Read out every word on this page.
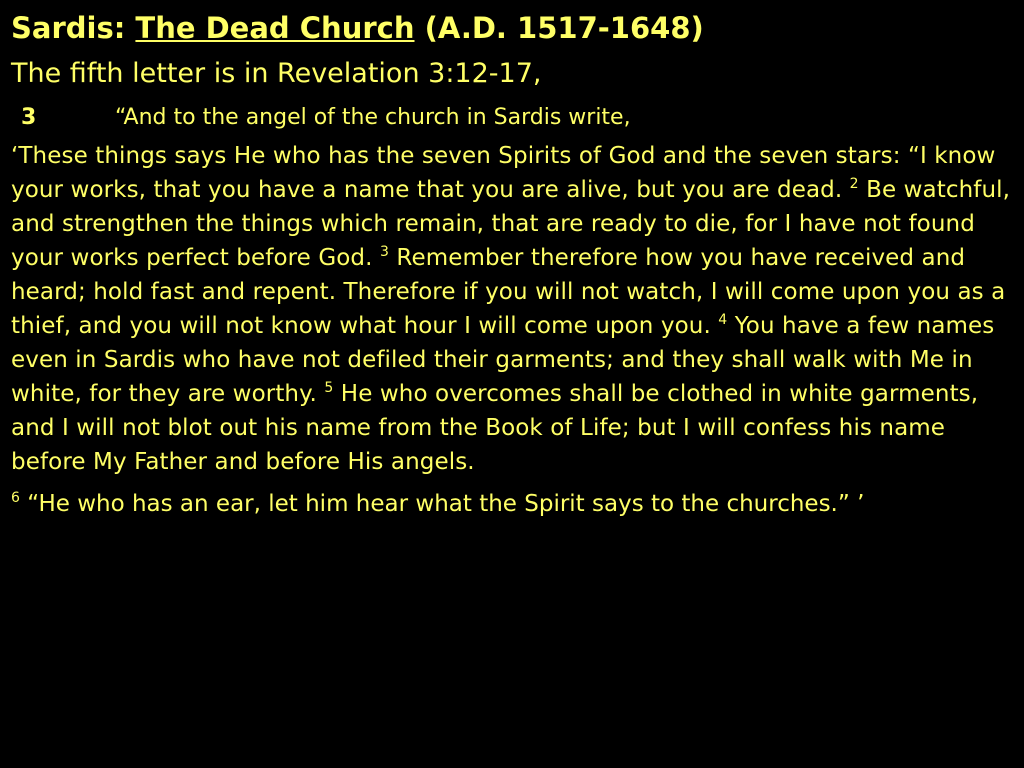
Sardis: The Dead Church (A.D. 1517-1648)

The fifth letter is in Revelation 3:12-17,

3	“And to the angel of the church in Sardis write,

‘These things says He who has the seven Spirits of God and the seven stars: “I know your works, that you have a name that you are alive, but you are dead. $^2$ Be watchful, and strengthen the things which remain, that are ready to die, for I have not found your works perfect before God. $^3$ Remember therefore how you have received and heard; hold fast and repent. Therefore if you will not watch, I will come upon you as a thief, and you will not know what hour I will come upon you. $^4$ You have a few names even in Sardis who have not defiled their garments; and they shall walk with Me in white, for they are worthy. $^5$ He who overcomes shall be clothed in white garments, and I will not blot out his name from the Book of Life; but I will confess his name before My Father and before His angels.

$^6$ “He who has an ear, let him hear what the Spirit says to the churches.” ’
